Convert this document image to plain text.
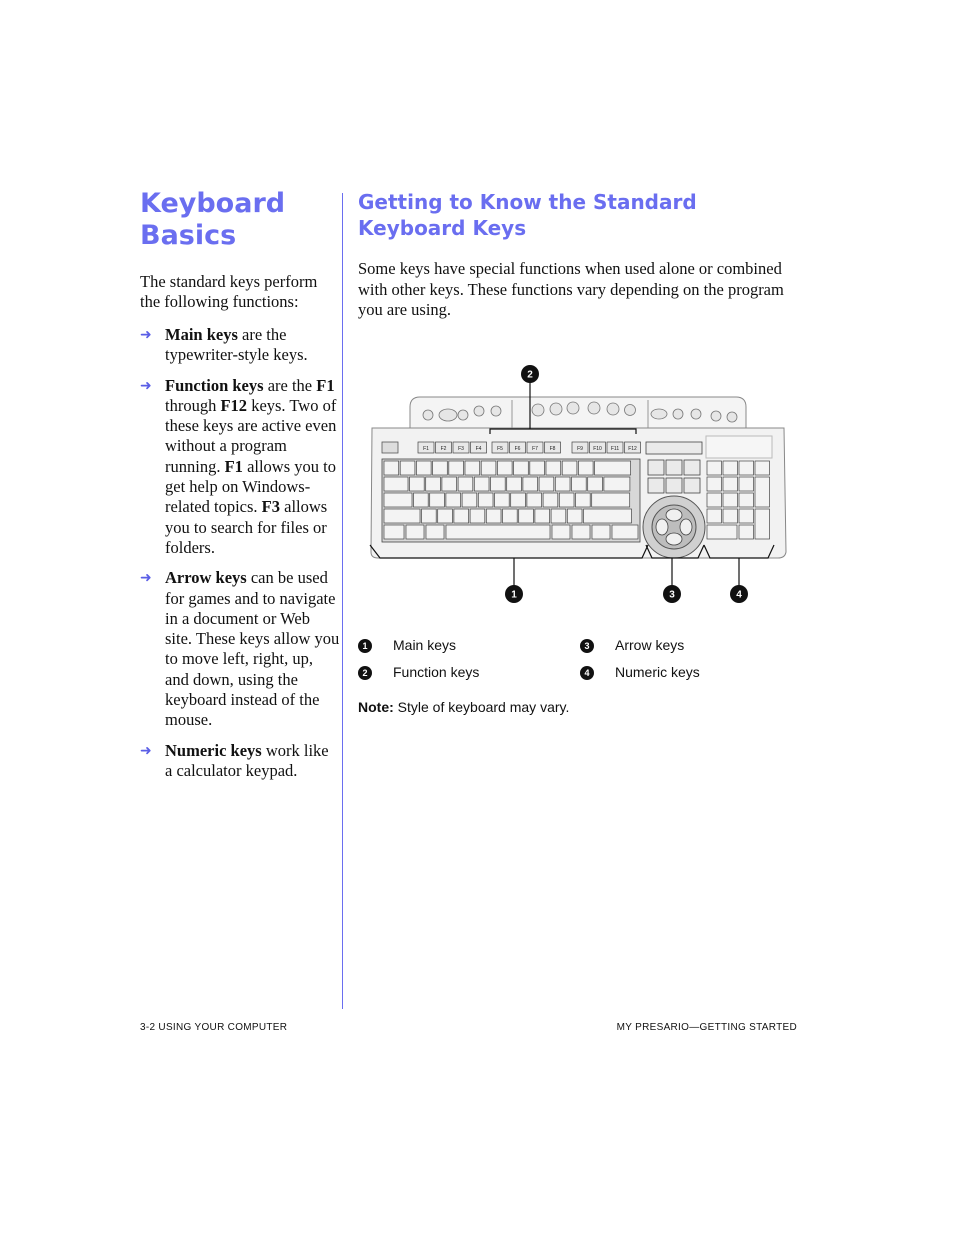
Keyboard
Basics
The standard keys perform the following functions:
➜ Main keys are the typewriter-style keys.
➜ Function keys are the F1 through F12 keys. Two of these keys are active even without a program running. F1 allows you to get help on Windows-related topics. F3 allows you to search for files or folders.
➜ Arrow keys can be used for games and to navigate in a document or Web site. These keys allow you to move left, right, up, and down, using the keyboard instead of the mouse.
➜ Numeric keys work like a calculator keypad.
Getting to Know the Standard
Keyboard Keys
Some keys have special functions when used alone or combined with other keys. These functions vary depending on the program you are using.
F1 F2 F3 F4	F5 F6 F7 F8	F9 F10 F11 F12
2
1	3	4
1	Main keys	3	Arrow keys
2	Function keys	4	Numeric keys
Note: Style of keyboard may vary.
3-2 USING YOUR COMPUTER	MY PRESARIO—GETTING STARTED
